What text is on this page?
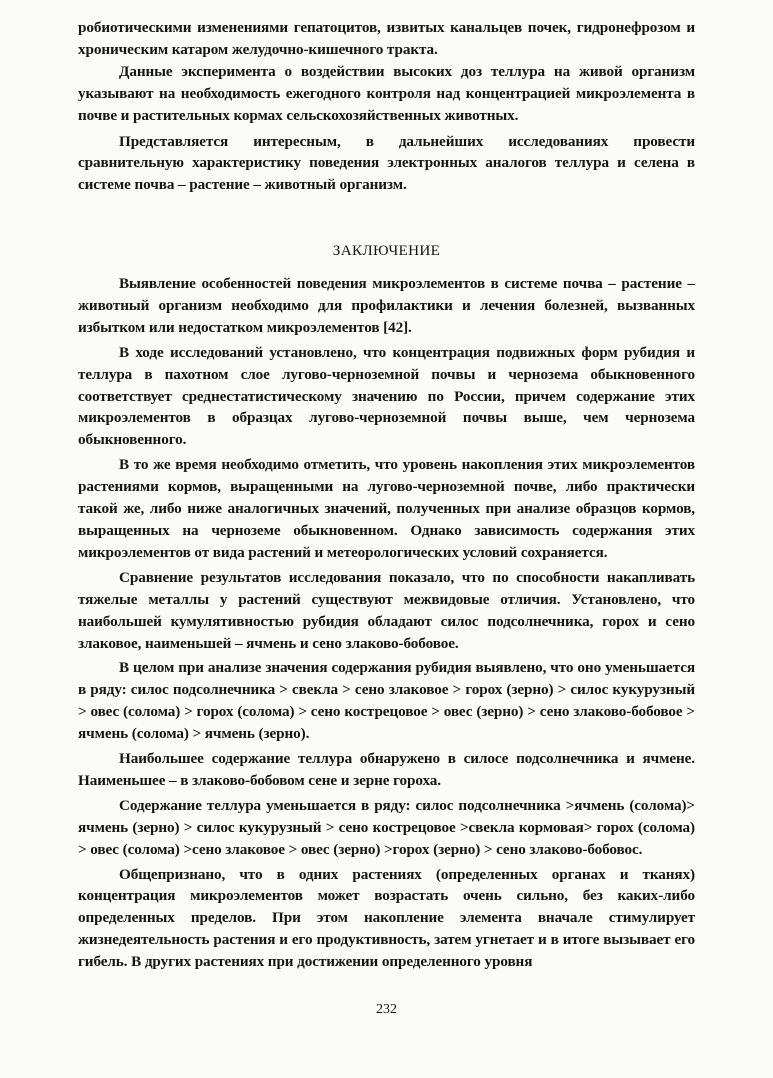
робиотическими изменениями гепатоцитов, извитых канальцев почек, гидронефрозом и хроническим катаром желудочно-кишечного тракта.

Данные эксперимента о воздействии высоких доз теллура на живой организм указывают на необходимость ежегодного контроля над концентрацией микроэлемента в почве и растительных кормах сельскохозяйственных животных.

Представляется интересным, в дальнейших исследованиях провести сравнительную характеристику поведения электронных аналогов теллура и селена в системе почва – растение – животный организм.

ЗАКЛЮЧЕНИЕ

Выявление особенностей поведения микроэлементов в системе почва – растение – животный организм необходимо для профилактики и лечения болезней, вызванных избытком или недостатком микроэлементов [42].

В ходе исследований установлено, что концентрация подвижных форм рубидия и теллура в пахотном слое лугово-черноземной почвы и чернозема обыкновенного соответствует среднестатистическому значению по России, причем содержание этих микроэлементов в образцах лугово-черноземной почвы выше, чем чернозема обыкновенного.

В то же время необходимо отметить, что уровень накопления этих микроэлементов растениями кормов, выращенными на лугово-черноземной почве, либо практически такой же, либо ниже аналогичных значений, полученных при анализе образцов кормов, выращенных на черноземе обыкновенном. Однако зависимость содержания этих микроэлементов от вида растений и метеорологических условий сохраняется.

Сравнение результатов исследования показало, что по способности накапливать тяжелые металлы у растений существуют межвидовые отличия. Установлено, что наибольшей кумулятивностью рубидия обладают силос подсолнечника, горох и сено злаковое, наименьшей – ячмень и сено злаково-бобовое.

В целом при анализе значения содержания рубидия выявлено, что оно уменьшается в ряду: силос подсолнечника > свекла > сено злаковое > горох (зерно) > силос кукурузный > овес (солома) > горох (солома) > сено кострецовое > овес (зерно) > сено злаково-бобовое > ячмень (солома) > ячмень (зерно).

Наибольшее содержание теллура обнаружено в силосе подсолнечника и ячмене. Наименьшее – в злаково-бобовом сене и зерне гороха.

Содержание теллура уменьшается в ряду: силос подсолнечника >ячмень (солома)> ячмень (зерно) > силос кукурузный > сено кострецовое >свекла кормовая> горох (солома) > овес (солома) >сено злаковое > овес (зерно) >горох (зерно) > сено злаково-бобовос.

Общепризнано, что в одних растениях (определенных органах и тканях) концентрация микроэлементов может возрастать очень сильно, без каких-либо определенных пределов. При этом накопление элемента вначале стимулирует жизнедеятельность растения и его продуктивность, затем угнетает и в итоге вызывает его гибель. В других растениях при достижении определенного уровня

232
